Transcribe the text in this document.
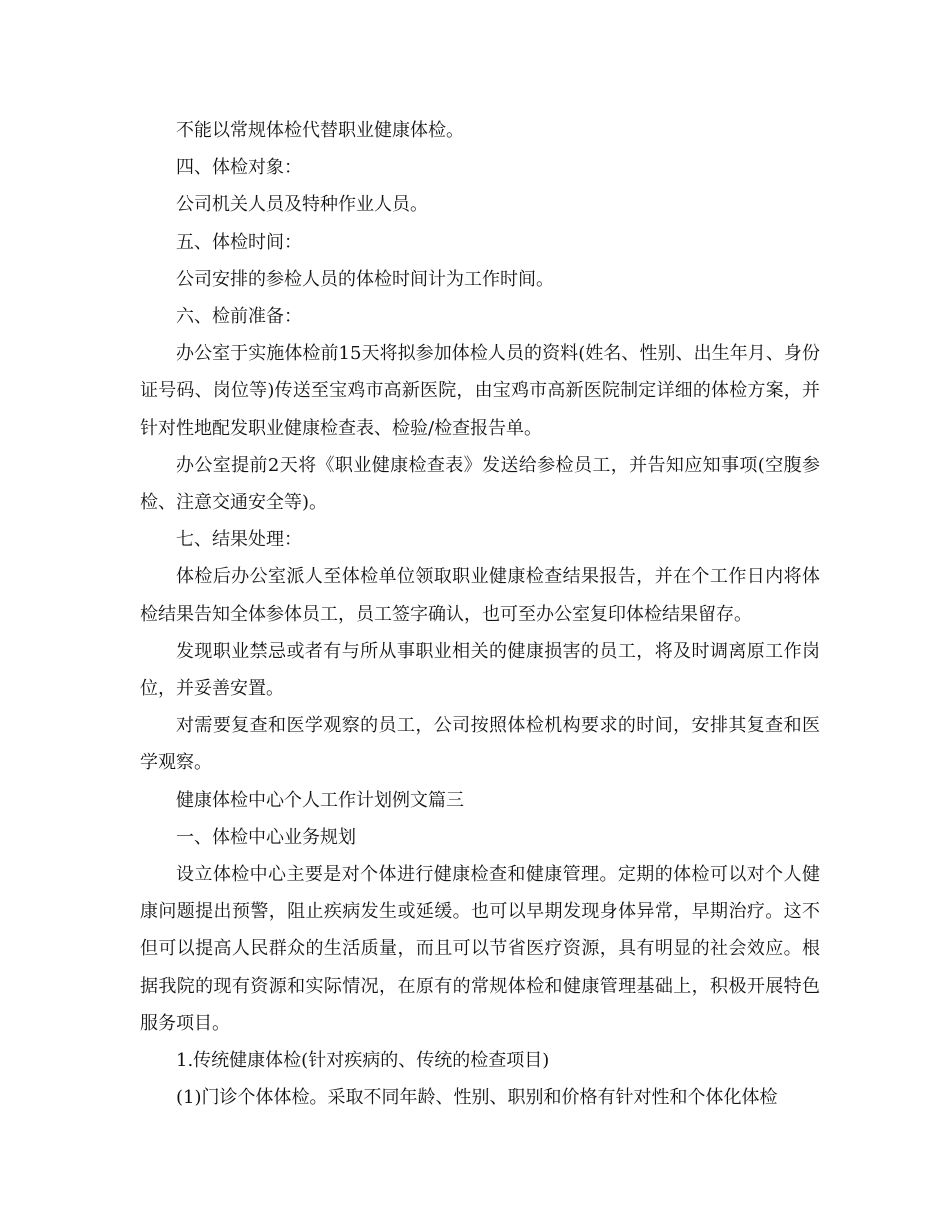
不能以常规体检代替职业健康体检。

四、体检对象：

公司机关人员及特种作业人员。

五、体检时间：

公司安排的参检人员的体检时间计为工作时间。

六、检前准备：

办公室于实施体检前15天将拟参加体检人员的资料(姓名、性别、出生年月、身份证号码、岗位等)传送至宝鸡市高新医院，由宝鸡市高新医院制定详细的体检方案，并针对性地配发职业健康检查表、检验/检查报告单。

办公室提前2天将《职业健康检查表》发送给参检员工，并告知应知事项(空腹参检、注意交通安全等)。

七、结果处理：

体检后办公室派人至体检单位领取职业健康检查结果报告，并在个工作日内将体检结果告知全体参体员工，员工签字确认，也可至办公室复印体检结果留存。

发现职业禁忌或者有与所从事职业相关的健康损害的员工，将及时调离原工作岗位，并妥善安置。

对需要复查和医学观察的员工，公司按照体检机构要求的时间，安排其复查和医学观察。

健康体检中心个人工作计划例文篇三

一、体检中心业务规划

设立体检中心主要是对个体进行健康检查和健康管理。定期的体检可以对个人健康问题提出预警，阻止疾病发生或延缓。也可以早期发现身体异常，早期治疗。这不但可以提高人民群众的生活质量，而且可以节省医疗资源，具有明显的社会效应。根据我院的现有资源和实际情况，在原有的常规体检和健康管理基础上，积极开展特色服务项目。

1.传统健康体检(针对疾病的、传统的检查项目)

(1)门诊个体体检。采取不同年龄、性别、职别和价格有针对性和个体化体检
